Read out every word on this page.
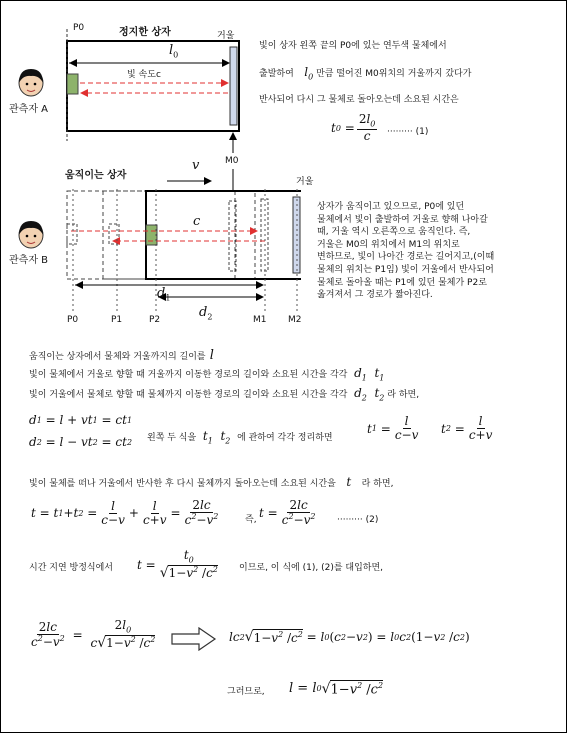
정지한 상자
P0
거울
$l_0$
빛 속도c
M0
관측자 A
빛이 상자 왼쪽 끝의 P0에 있는 연두색 물체에서
출발하여   $l_0$ 만큼 떨어진 M0위치의 거울까지 갔다가
반사되어 다시 그 물체로 돌아오는데 소요된 시간은
t 0
= $\frac{2l_0}{c}$ ········· (1)
움직이는 상자
v
거울
c
$d_1$
$d_2$
P0	P1	P2	M1 M2
관측자 B
상자가 움직이고 있으므로, P0에 있던
물체에서 빛이 출발하여 거울로 향해 나아갈
때, 거울 역시 오른쪽으로 움직인다. 즉,
거울은 M0의 위치에서 M1의 위치로
변하므로, 빛이 나아간 경로는 길어지고,(이때
물체의 위치는 P1임) 빛이 거울에서 반사되어
물체로 돌아올 때는 P1에 있던 물체가 P2로
옮겨져서 그 경로가 짧아진다.
움직이는 상자에서 물체와 거울까지의 길이를 l
빛이 물체에서 거울로 향할 때 거울까지 이동한 경로의 길이와 소요된 시간을 각각  $d_1$  $t_1$
빛이 거울에서 물체로 향할 때 물체까지 이동한 경로의 길이와 소요된 시간을 각각  $d_2$  $t_2$ 라 하면,
d 1
= l + vt 1
= ct 1
d 2
= l − vt 2
= ct 2 왼쪽 두 식을  $t_1$  $t_2$ 에 관하여 각각 정리하면
t 1
= $\frac{l}{c-v}$ t 2
= $\frac{l}{c+v}$
빛이 물체를 떠나 거울에서 반사한 후 다시 물체까지 돌아오는데 소요된 시간을   t   라 하면,
t = t 1 + t $2 = \frac{l}{c-v} + \frac{l}{c+v} = \frac{2lc}{c^2-v^2}$	즉, $t = \frac{2lc}{c^2-v^2}$ ········· (2)
시간 지연 방정식에서 $t = \frac{t_0}{√1-v^2 /c^2}$ 이므로, 이 식에 (1), (2)를 대입하면,
$\frac{2lc}{c^2-v^2} = \frac{2l_0}{c√1-v^2 /c^2}$	lc 2 √ $1-v^2$ $/c^2 = l$ 0 ( c 2 − v 2 ) = l 0 c 2 (1− v 2 / c 2 )
그러므로, l = l 0 √ $1-v^2$ $/c^2$
